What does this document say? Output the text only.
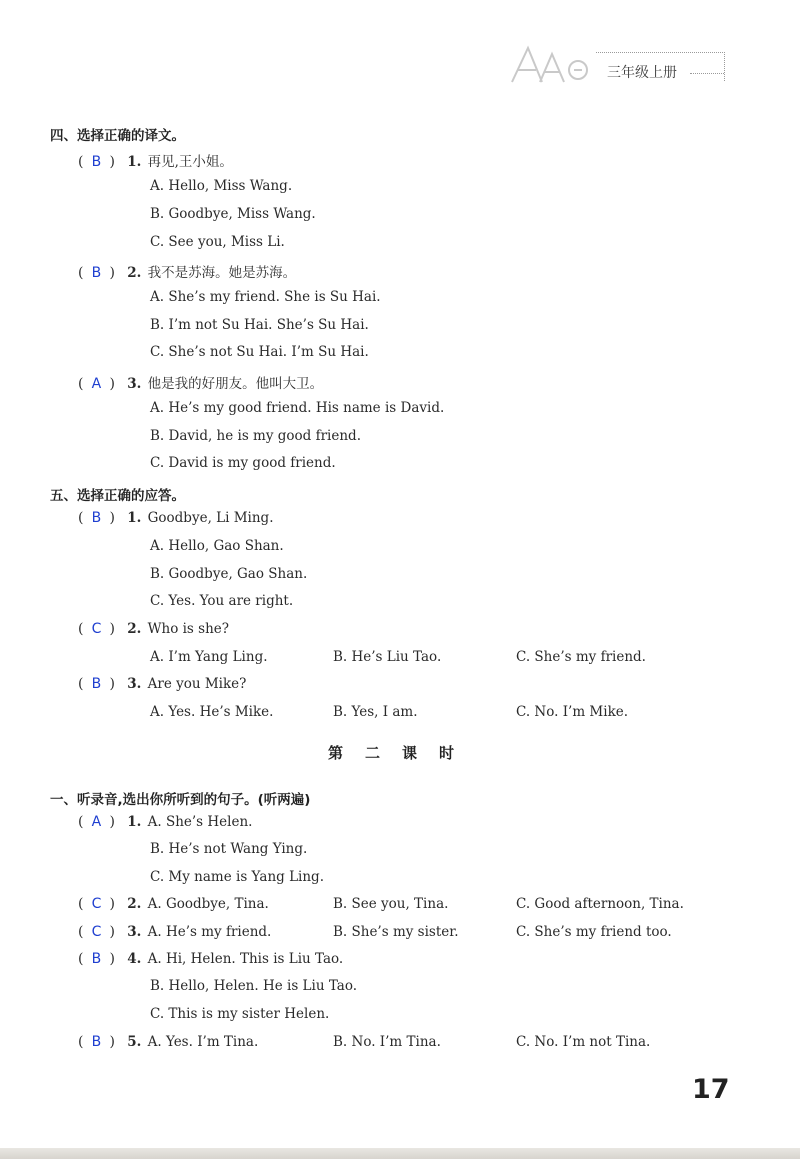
三年级上册
四、选择正确的译文。
( B ) 1. 再见,王小姐。
A. Hello, Miss Wang.
B. Goodbye, Miss Wang.
C. See you, Miss Li.
( B ) 2. 我不是苏海。她是苏海。
A. She’s my friend. She is Su Hai.
B. I’m not Su Hai. She’s Su Hai.
C. She’s not Su Hai. I’m Su Hai.
( A ) 3. 他是我的好朋友。他叫大卫。
A. He’s my good friend. His name is David.
B. David, he is my good friend.
C. David is my good friend.
五、选择正确的应答。
( B ) 1. Goodbye, Li Ming.
A. Hello, Gao Shan.
B. Goodbye, Gao Shan.
C. Yes. You are right.
( C ) 2. Who is she?
A. I’m Yang Ling.	B. He’s Liu Tao.	C. She’s my friend.
( B ) 3. Are you Mike?
A. Yes. He’s Mike.	B. Yes, I am.	C. No. I’m Mike.
第二课时
一、听录音,选出你所听到的句子。(听两遍)
( A ) 1. A. She’s Helen.
B. He’s not Wang Ying.
C. My name is Yang Ling.
( C ) 2. A. Goodbye, Tina.	B. See you, Tina.	C. Good afternoon, Tina.
( C ) 3. A. He’s my friend.	B. She’s my sister.	C. She’s my friend too.
( B ) 4. A. Hi, Helen. This is Liu Tao.
B. Hello, Helen. He is Liu Tao.
C. This is my sister Helen.
( B ) 5. A. Yes. I’m Tina.	B. No. I’m Tina.	C. No. I’m not Tina.
17
